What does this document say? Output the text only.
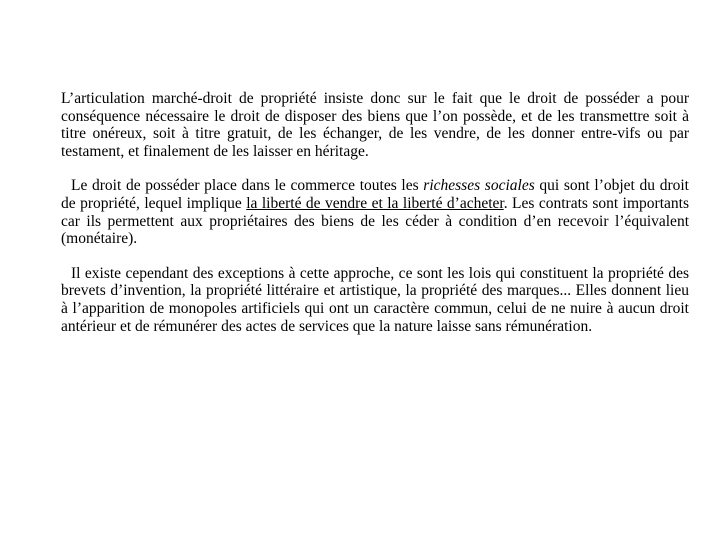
L’articulation marché-droit de propriété insiste donc sur le fait que le droit de posséder a pour conséquence nécessaire le droit de disposer des biens que l’on possède, et de les transmettre soit à titre onéreux, soit à titre gratuit, de les échanger, de les vendre, de les donner entre-vifs ou par testament, et finalement de les laisser en héritage.

Le droit de posséder place dans le commerce toutes les richesses sociales qui sont l’objet du droit de propriété, lequel implique la liberté de vendre et la liberté d’acheter. Les contrats sont importants car ils permettent aux propriétaires des biens de les céder à condition d’en recevoir l’équivalent (monétaire).

Il existe cependant des exceptions à cette approche, ce sont les lois qui constituent la propriété des brevets d’invention, la propriété littéraire et artistique, la propriété des marques... Elles donnent lieu à l’apparition de monopoles artificiels qui ont un caractère commun, celui de ne nuire à aucun droit antérieur et de rémunérer des actes de services que la nature laisse sans rémunération.
